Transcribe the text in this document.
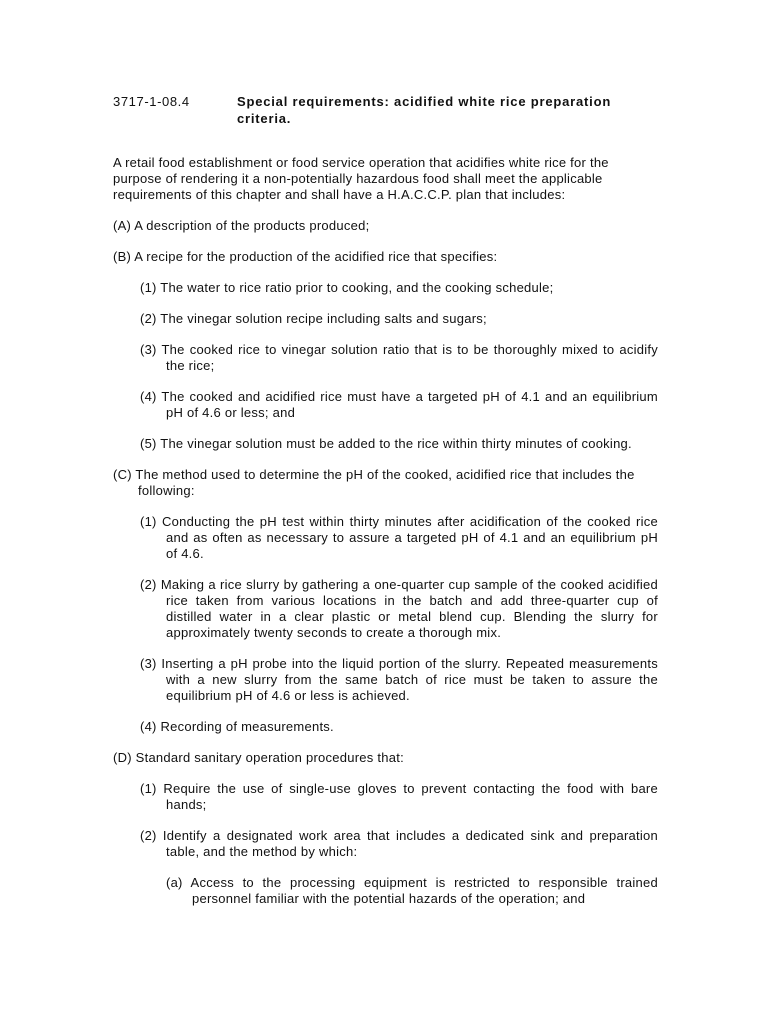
3717-1-08.4	Special requirements: acidified white rice preparation criteria.

A retail food establishment or food service operation that acidifies white rice for the purpose of rendering it a non-potentially hazardous food shall meet the applicable requirements of this chapter and shall have a H.A.C.C.P. plan that includes:

(A) A description of the products produced;

(B) A recipe for the production of the acidified rice that specifies:

(1) The water to rice ratio prior to cooking, and the cooking schedule;

(2) The vinegar solution recipe including salts and sugars;

(3) The cooked rice to vinegar solution ratio that is to be thoroughly mixed to acidify the rice;

(4) The cooked and acidified rice must have a targeted pH of 4.1 and an equilibrium pH of 4.6 or less; and

(5) The vinegar solution must be added to the rice within thirty minutes of cooking.

(C) The method used to determine the pH of the cooked, acidified rice that includes the following:

(1) Conducting the pH test within thirty minutes after acidification of the cooked rice and as often as necessary to assure a targeted pH of 4.1 and an equilibrium pH of 4.6.

(2) Making a rice slurry by gathering a one-quarter cup sample of the cooked acidified rice taken from various locations in the batch and add three-quarter cup of distilled water in a clear plastic or metal blend cup. Blending the slurry for approximately twenty seconds to create a thorough mix.

(3) Inserting a pH probe into the liquid portion of the slurry. Repeated measurements with a new slurry from the same batch of rice must be taken to assure the equilibrium pH of 4.6 or less is achieved.

(4) Recording of measurements.

(D) Standard sanitary operation procedures that:

(1) Require the use of single-use gloves to prevent contacting the food with bare hands;

(2) Identify a designated work area that includes a dedicated sink and preparation table, and the method by which:

(a) Access to the processing equipment is restricted to responsible trained personnel familiar with the potential hazards of the operation; and
